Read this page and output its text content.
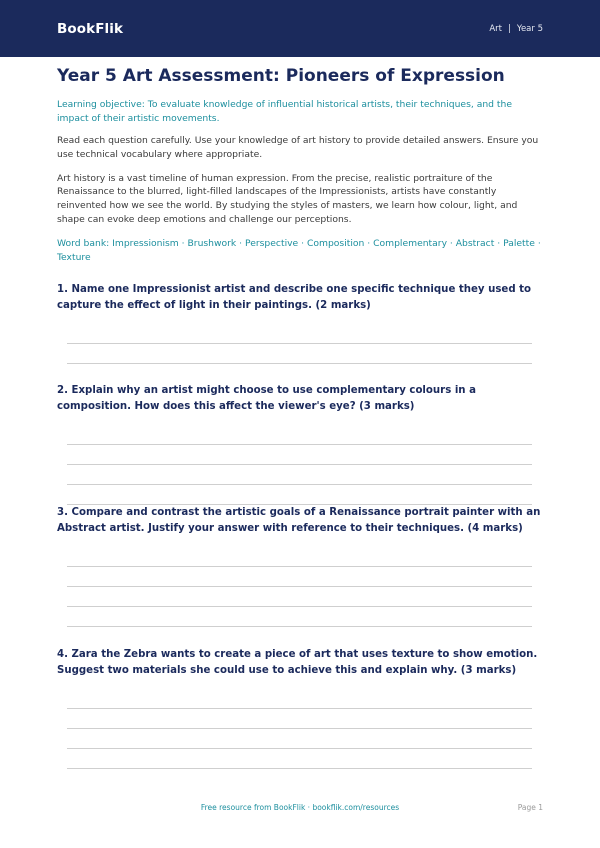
BookFlik	Art | Year 5
Year 5 Art Assessment: Pioneers of Expression

Learning objective: To evaluate knowledge of influential historical artists, their techniques, and the impact of their artistic movements.

Read each question carefully. Use your knowledge of art history to provide detailed answers. Ensure you use technical vocabulary where appropriate.

Art history is a vast timeline of human expression. From the precise, realistic portraiture of the Renaissance to the blurred, light-filled landscapes of the Impressionists, artists have constantly reinvented how we see the world. By studying the styles of masters, we learn how colour, light, and shape can evoke deep emotions and challenge our perceptions.

Word bank: Impressionism · Brushwork · Perspective · Composition · Complementary · Abstract · Palette · Texture

1. Name one Impressionist artist and describe one specific technique they used to capture the effect of light in their paintings. (2 marks)

2. Explain why an artist might choose to use complementary colours in a composition. How does this affect the viewer's eye? (3 marks)

3. Compare and contrast the artistic goals of a Renaissance portrait painter with an Abstract artist. Justify your answer with reference to their techniques. (4 marks)

4. Zara the Zebra wants to create a piece of art that uses texture to show emotion. Suggest two materials she could use to achieve this and explain why. (3 marks)

Free resource from BookFlik · bookflik.com/resources	Page 1
